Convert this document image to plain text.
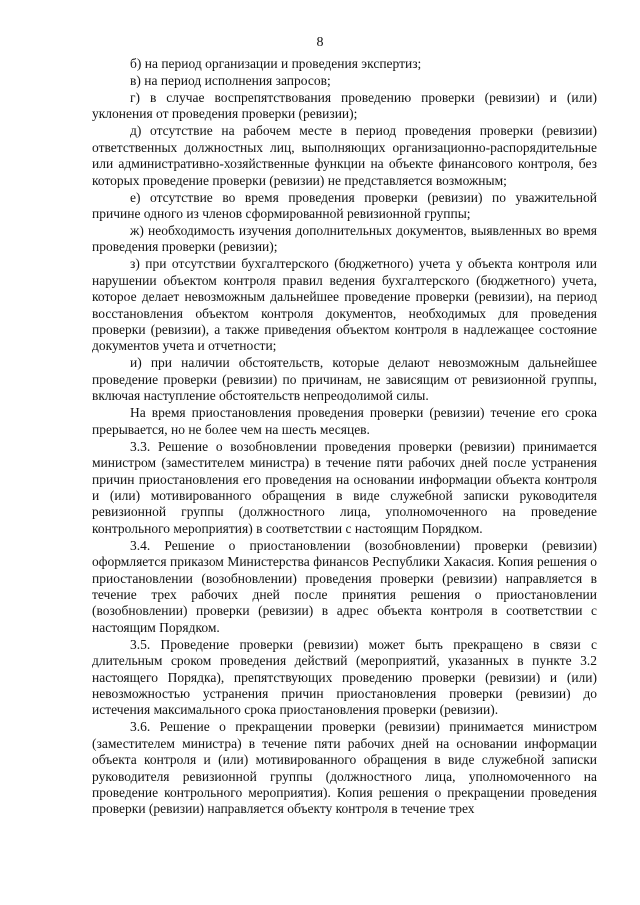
8

б) на период организации и проведения экспертиз;

в) на период исполнения запросов;

г) в случае воспрепятствования проведению проверки (ревизии) и (или) уклонения от проведения проверки (ревизии);

д) отсутствие на рабочем месте в период проведения проверки (ревизии) ответственных должностных лиц, выполняющих организационно-распорядительные или административно-хозяйственные функции на объекте финансового контроля, без которых проведение проверки (ревизии) не представляется возможным;

е) отсутствие во время проведения проверки (ревизии) по уважительной причине одного из членов сформированной ревизионной группы;

ж) необходимость изучения дополнительных документов, выявленных во время проведения проверки (ревизии);

з) при отсутствии бухгалтерского (бюджетного) учета у объекта контроля или нарушении объектом контроля правил ведения бухгалтерского (бюджетного) учета, которое делает невозможным дальнейшее проведение проверки (ревизии), на период восстановления объектом контроля документов, необходимых для проведения проверки (ревизии), а также приведения объектом контроля в надлежащее состояние документов учета и отчетности;

и) при наличии обстоятельств, которые делают невозможным дальнейшее проведение проверки (ревизии) по причинам, не зависящим от ревизионной группы, включая наступление обстоятельств непреодолимой силы.

На время приостановления проведения проверки (ревизии) течение его срока прерывается, но не более чем на шесть месяцев.

3.3. Решение о возобновлении проведения проверки (ревизии) принимается министром (заместителем министра) в течение пяти рабочих дней после устранения причин приостановления его проведения на основании информации объекта контроля и (или) мотивированного обращения в виде служебной записки руководителя ревизионной группы (должностного лица, уполномоченного на проведение контрольного мероприятия) в соответствии с настоящим Порядком.

3.4. Решение о приостановлении (возобновлении) проверки (ревизии) оформляется приказом Министерства финансов Республики Хакасия. Копия решения о приостановлении (возобновлении) проведения проверки (ревизии) направляется в течение трех рабочих дней после принятия решения о приостановлении (возобновлении) проверки (ревизии) в адрес объекта контроля в соответствии с настоящим Порядком.

3.5. Проведение проверки (ревизии) может быть прекращено в связи с длительным сроком проведения действий (мероприятий, указанных в пункте 3.2 настоящего Порядка), препятствующих проведению проверки (ревизии) и (или) невозможностью устранения причин приостановления проверки (ревизии) до истечения максимального срока приостановления проверки (ревизии).

3.6. Решение о прекращении проверки (ревизии) принимается министром (заместителем министра) в течение пяти рабочих дней на основании информации объекта контроля и (или) мотивированного обращения в виде служебной записки руководителя ревизионной группы (должностного лица, уполномоченного на проведение контрольного мероприятия). Копия решения о прекращении проведения проверки (ревизии) направляется объекту контроля в течение трех
